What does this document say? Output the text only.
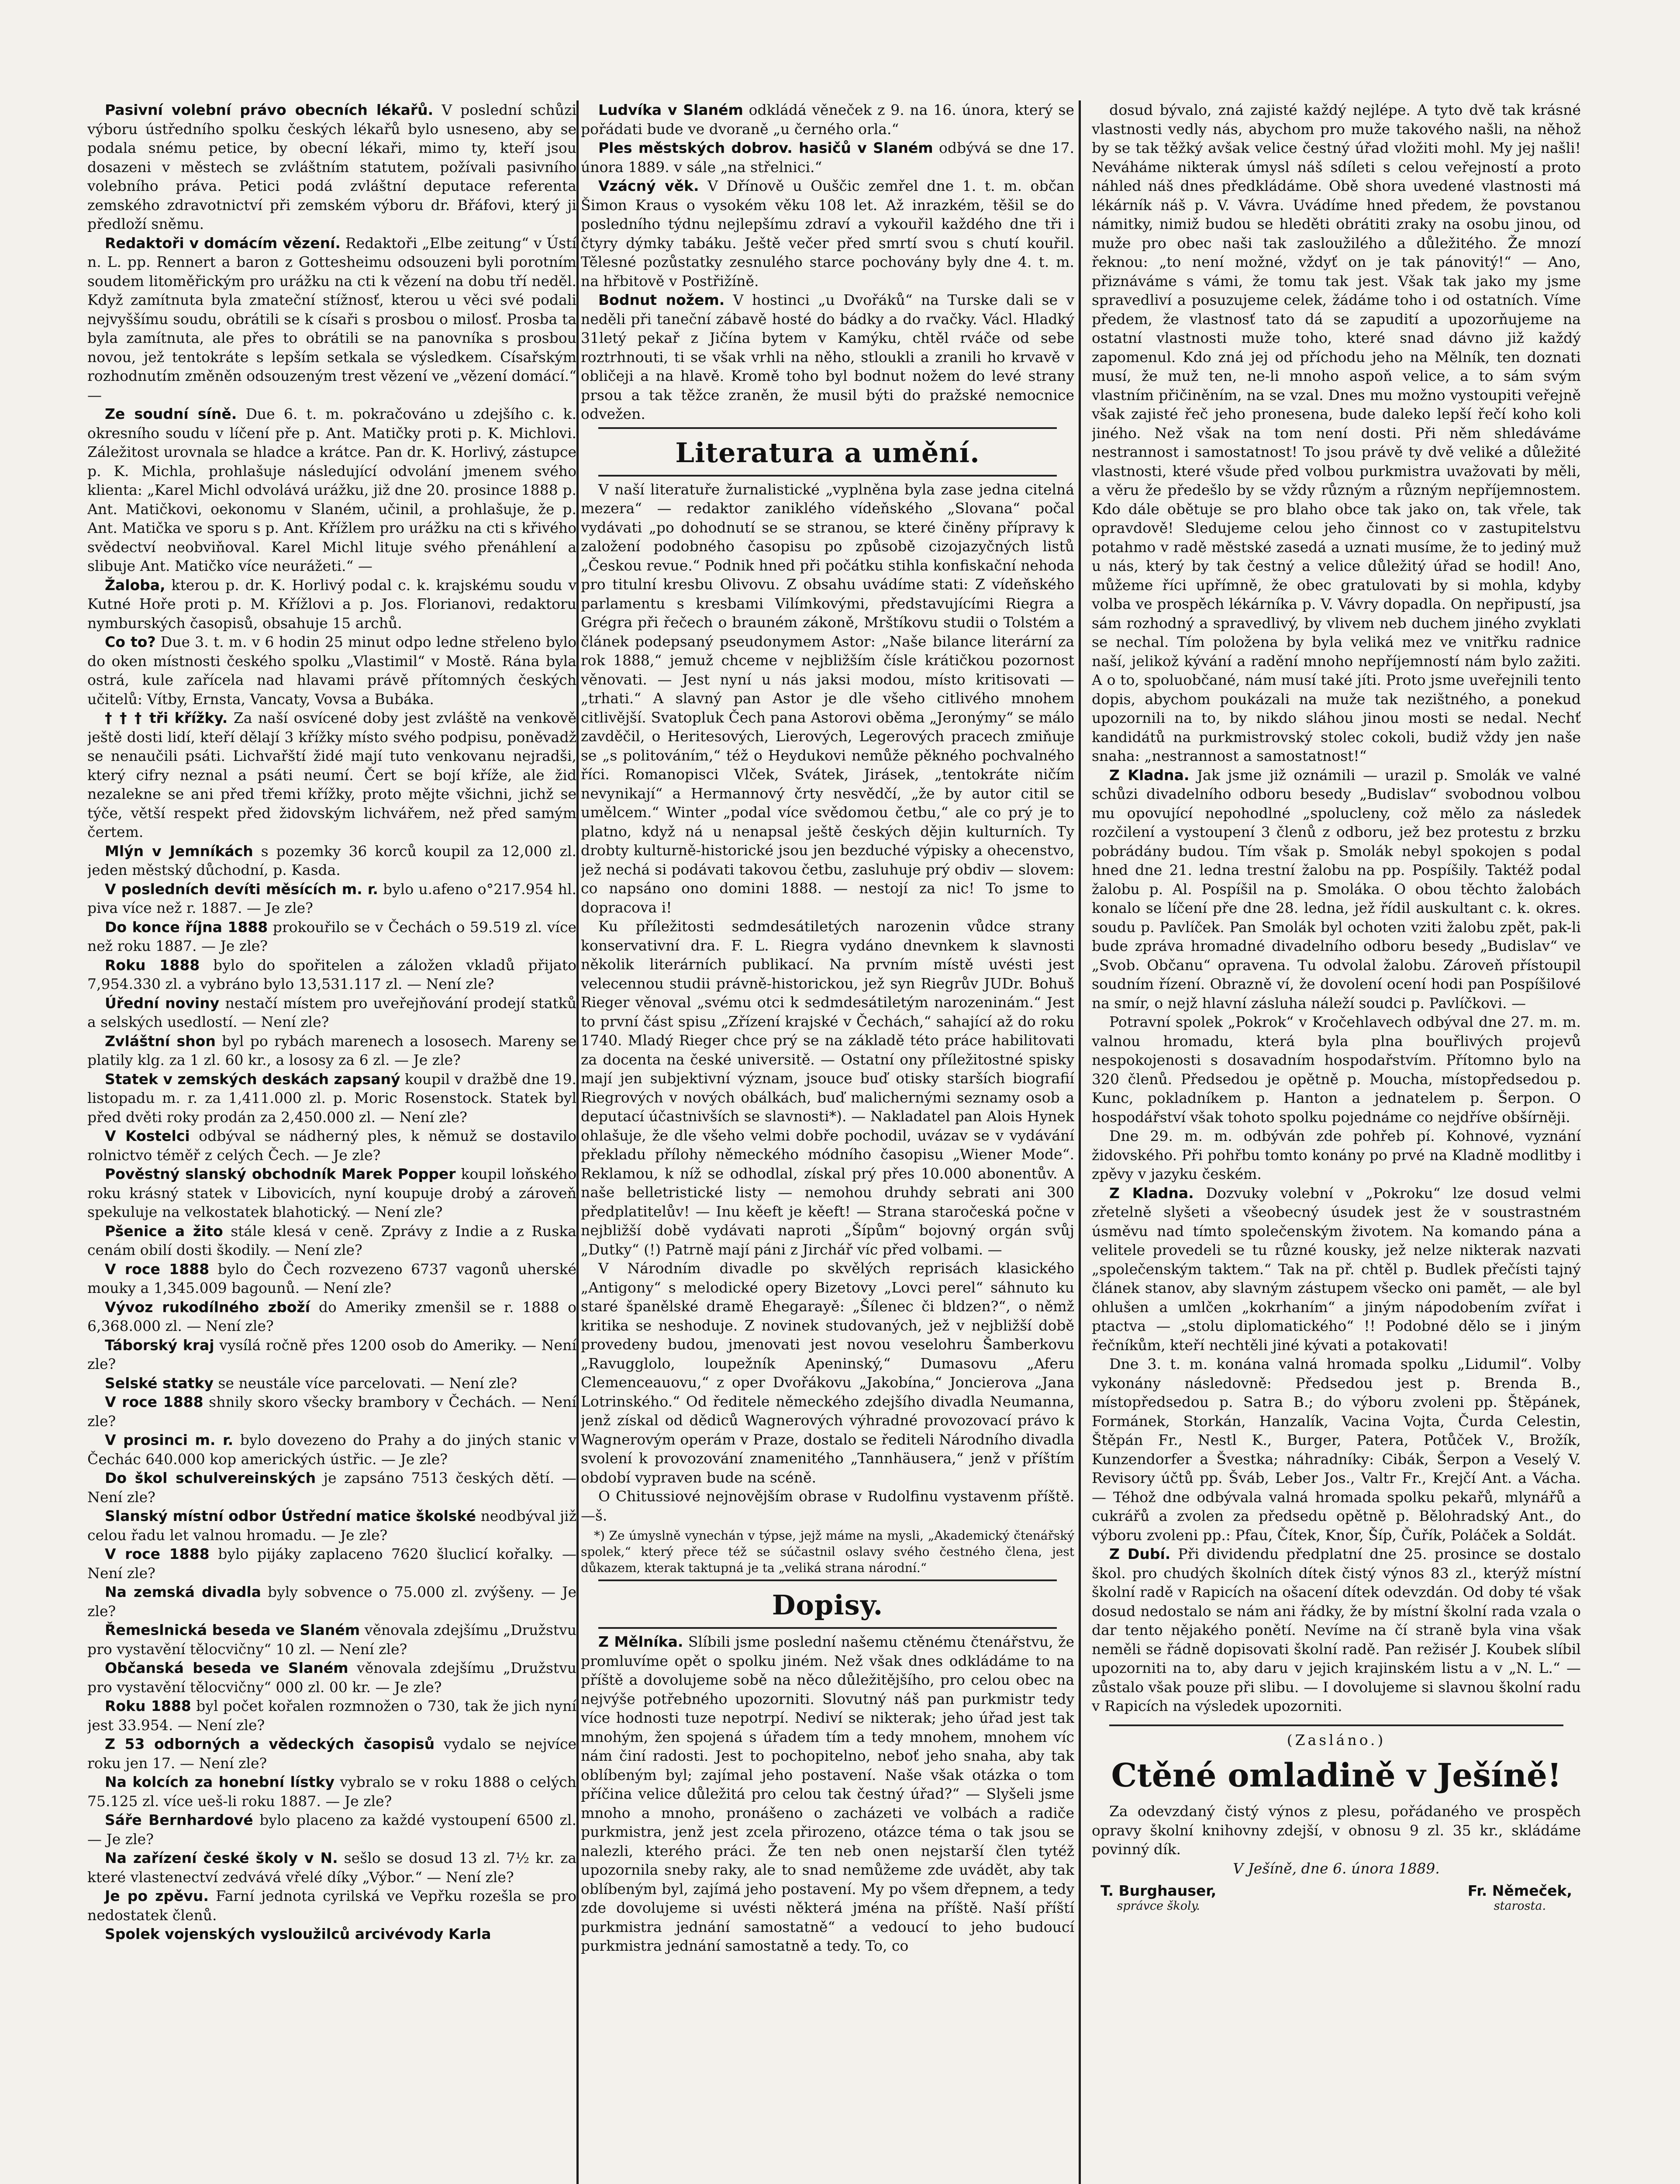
Pasivní volební právo obecních lékařů. V poslední schůzi výboru ústředního spolku českých lékařů bylo usneseno, aby se podala snému petice, by obecní lékaři, mimo ty, kteří jsou dosazeni v městech se zvláštním statutem, požívali pasivního volebního práva. Petici podá zvláštní deputace referenta zemského zdravotnictví při zemském výboru dr. Břáfovi, který ji předloží sněmu.

Redaktoři v domácím vězení. Redaktoři „Elbe zeitung“ v Ústí n. L. pp. Rennert a baron z Gottesheimu odsouzeni byli porotním soudem litoměřickým pro urážku na cti k vězení na dobu tří neděl. Když zamítnuta byla zmateční stížnosť, kterou u věci své podali nejvyššímu soudu, obrátili se k císaři s prosbou o milosť. Prosba ta byla zamítnuta, ale přes to obrátili se na panovníka s prosbou novou, jež tentokráte s lepším setkala se výsledkem. Císařským rozhodnutím změněn odsouzeným trest vězení ve „vězení domácí.“ —

Ze soudní síně. Due 6. t. m. pokračováno u zdejšího c. k. okresního soudu v líčení pře p. Ant. Matičky proti p. K. Michlovi. Záležitost urovnala se hladce a krátce. Pan dr. K. Horlivý, zástupce p. K. Michla, prohlašuje následující odvolání jmenem svého klienta: „Karel Michl odvolává urážku, již dne 20. prosince 1888 p. Ant. Matičkovi, oekonomu v Slaném, učinil, a prohlašuje, že p. Ant. Matička ve sporu s p. Ant. Křížlem pro urážku na cti s křivého svědectví neobviňoval. Karel Michl lituje svého přenáhlení a slibuje Ant. Matičko více neurážeti.“ —

Žaloba, kterou p. dr. K. Horlivý podal c. k. krajskému soudu v Kutné Hoře proti p. M. Křížlovi a p. Jos. Florianovi, redaktoru nymburských časopisů, obsahuje 15 archů.

Co to? Due 3. t. m. v 6 hodin 25 minut odpo ledne střeleno bylo do oken místnosti českého spolku „Vlastimil“ v Mostě. Rána byla ostrá, kule zařícela nad hlavami právě přítomných českých učitelů: Vítby, Ernsta, Vancaty, Vovsa a Bubáka.

† † † tři křížky. Za naší osvícené doby jest zvláště na venkově ještě dosti lidí, kteří dělají 3 křížky místo svého podpisu, poněvadž se nenaučili psáti. Lichvařští židé mají tuto venkovanu nejradši, který cifry neznal a psáti neumí. Čert se bojí kříže, ale žid nezalekne se ani před třemi křížky, proto mějte všichni, jichž se týče, větší respekt před židovským lichvářem, než před samým čertem.

Mlýn v Jemníkách s pozemky 36 korců koupil za 12,000 zl. jeden městský důchodní, p. Kasda.

V posledních devíti měsících m. r. bylo u.afeno o°217.954 hl. piva více než r. 1887. — Je zle?

Do konce října 1888 prokouřilo se v Čechách o 59.519 zl. více než roku 1887. — Je zle?

Roku 1888 bylo do spořitelen a záložen vkladů přijato 7,954.330 zl. a vybráno bylo 13,531.117 zl. — Není zle?

Úřední noviny nestačí místem pro uveřejňování prodejí statků a selských usedlostí. — Není zle?

Zvláštní shon byl po rybách marenech a lososech. Mareny se platily klg. za 1 zl. 60 kr., a lososy za 6 zl. — Je zle?

Statek v zemských deskách zapsaný koupil v dražbě dne 19. listopadu m. r. za 1,411.000 zl. p. Moric Rosenstock. Statek byl před dvěti roky prodán za 2,450.000 zl. — Není zle?

V Kostelci odbýval se nádherný ples, k němuž se dostavilo rolnictvo téměř z celých Čech. — Je zle?

Pověstný slanský obchodník Marek Popper koupil loňského roku krásný statek v Libovicích, nyní koupuje drobý a zároveň spekuluje na velkostatek blahotický. — Není zle?

Pšenice a žito stále klesá v ceně. Zprávy z Indie a z Ruska cenám obilí dosti škodily. — Není zle?

V roce 1888 bylo do Čech rozvezeno 6737 vagonů uherské mouky a 1,345.009 bagounů. — Není zle?

Vývoz rukodílného zboží do Ameriky zmenšil se r. 1888 o 6,368.000 zl. — Není zle?

Táborský kraj vysílá ročně přes 1200 osob do Ameriky. — Není zle?

Selské statky se neustále více parcelovati. — Není zle?

V roce 1888 shnily skoro všecky brambory v Čechách. — Není zle?

V prosinci m. r. bylo dovezeno do Prahy a do jiných stanic v Čechác 640.000 kop amerických ústřic. — Je zle?

Do škol schulvereinských je zapsáno 7513 českých dětí. — Není zle?

Slanský místní odbor Ústřední matice školské neodbýval již celou řadu let valnou hromadu. — Je zle?

V roce 1888 bylo pijáky zaplaceno 7620 šluclicí kořalky. — Není zle?

Na zemská divadla byly sobvence o 75.000 zl. zvýšeny. — Je zle?

Řemeslnická beseda ve Slaném věnovala zdejšímu „Družstvu pro vystavění tělocvičny“ 10 zl. — Není zle?

Občanská beseda ve Slaném věnovala zdejšímu „Družstvu pro vystavění tělocvičny“ 000 zl. 00 kr. — Je zle?

Roku 1888 byl počet kořalen rozmnožen o 730, tak že jich nyní jest 33.954. — Není zle?

Z 53 odborných a vědeckých časopisů vydalo se nejvíce roku jen 17. — Není zle?

Na kolcích za honební lístky vybralo se v roku 1888 o celých 75.125 zl. více ueš-li roku 1887. — Je zle?

Sáře Bernhardové bylo placeno za každé vystoupení 6500 zl. — Je zle?

Na zařízení české školy v N. sešlo se dosud 13 zl. 7½ kr. za které vlastenectví zedvává vřelé díky „Výbor.“ — Není zle?

Je po zpěvu. Farní jednota cyrilská ve Vepřku rozešla se pro nedostatek členů.

Spolek vojenských vysloužilců arcivévody Karla

Ludvíka v Slaném odkládá věneček z 9. na 16. února, který se pořádati bude ve dvoraně „u černého orla.“

Ples městských dobrov. hasičů v Slaném odbývá se dne 17. února 1889. v sále „na střelnici.“

Vzácný věk. V Dřínově u Ouščic zemřel dne 1. t. m. občan Šimon Kraus o vysokém věku 108 let. Až inrazkém, těšil se do posledního týdnu nejlepšímu zdraví a vykouřil každého dne tři i čtyry dýmky tabáku. Ještě večer před smrtí svou s chutí kouřil. Tělesné pozůstatky zesnulého starce pochovány byly dne 4. t. m. na hřbitově v Postřižíně.

Bodnut nožem. V hostinci „u Dvořáků“ na Turske dali se v neděli při taneční zábavě hosté do bádky a do rvačky. Václ. Hladký 31letý pekař z Jičína bytem v Kamýku, chtěl rváče od sebe roztrhnouti, ti se však vrhli na něho, stloukli a zranili ho krvavě v obličeji a na hlavě. Kromě toho byl bodnut nožem do levé strany prsou a tak těžce zraněn, že musil býti do pražské nemocnice odvežen.

Literatura a umění.

V naší literatuře žurnalistické „vyplněna byla zase jedna citelná mezera“ — redaktor zaniklého vídeňského „Slovana“ počal vydávati „po dohodnutí se se stranou, se které činěny přípravy k založení podobného časopisu po způsobě cizojazyčných listů „Českou revue.“ Podnik hned při počátku stihla konfiskační nehoda pro titulní kresbu Olivovu. Z obsahu uvádíme stati: Z vídeňského parlamentu s kresbami Vilímkovými, představujícími Riegra a Grégra při řečech o brauném zákoně, Mrštíkovu studii o Tolstém a článek podepsaný pseudonymem Astor: „Naše bilance literární za rok 1888,“ jemuž chceme v nejbližším čísle krátičkou pozornost věnovati. — Jest nyní u nás jaksi modou, místo kritisovati — „trhati.“ A slavný pan Astor je dle všeho citlivého mnohem citlivější. Svatopluk Čech pana Astorovi oběma „Jeronýmy“ se málo zavděčil, o Heritesových, Lierových, Legerových pracech zmiňuje se „s politováním,“ též o Heydukovi nemůže pěkného pochvalného říci. Romanopisci Vlček, Svátek, Jirásek, „tentokráte ničím nevynikají“ a Hermannový črty nesvědčí, „že by autor citil se umělcem.“ Winter „podal více svědomou četbu,“ ale co prý je to platno, když ná u nenapsal ještě českých dějin kulturních. Ty drobty kulturně-historické jsou jen bezduché výpisky a ohecenstvo, jež nechá si podávati takovou četbu, zasluhuje prý obdiv — slovem: co napsáno ono domini 1888. — nestojí za nic! To jsme to dopracova i!

Ku příležitosti sedmdesátiletých narozenin vůdce strany konservativní dra. F. L. Riegra vydáno dnevnkem k slavnosti několik literárních publikací. Na prvním místě uvésti jest velecennou studii právně-historickou, jež syn Riegrův JUDr. Bohuš Rieger věnoval „svému otci k sedmdesátiletým narozeninám.“ Jest to první část spisu „Zřízení krajské v Čechách,“ sahající až do roku 1740. Mladý Rieger chce prý se na základě této práce habilitovati za docenta na české universitě. — Ostatní ony příležitostné spisky mají jen subjektivní význam, jsouce buď otisky starších biografií Riegrových v nových obálkách, buď malichernými seznamy osob a deputací účastnivších se slavnosti*). — Nakladatel pan Alois Hynek ohlašuje, že dle všeho velmi dobře pochodil, uvázav se v vydávání překladu přílohy německého módního časopisu „Wiener Mode“. Reklamou, k níž se odhodlal, získal prý přes 10.000 abonentův. A naše belletristické listy — nemohou druhdy sebrati ani 300 předplatitelův! — Inu kěeft je kěeft! — Strana staročeská počne v nejbližší době vydávati naproti „Šípům“ bojovný orgán svůj „Dutky“ (!) Patrně mají páni z Jirchář víc před volbami. —

V Národním divadle po skvělých reprisách klasického „Antigony“ s melodické opery Bizetovy „Lovci perel“ sáhnuto ku staré španělské dramě Ehegarayě: „Šílenec či bldzen?“, o němž kritika se neshoduje. Z novinek studovaných, jež v nejbližší době provedeny budou, jmenovati jest novou veselohru Šamberkovu „Ravugglolo, loupežník Apeninský,“ Dumasovu „Aferu Clemenceauovu,“ z oper Dvořákovu „Jakobína,“ Joncierova „Jana Lotrinského.“ Od ředitele německého zdejšího divadla Neumanna, jenž získal od dědiců Wagnerových výhradné provozovací právo k Wagnerovým operám v Praze, dostalo se řediteli Národního divadla svolení k provozování znamenitého „Tannhäusera,“ jenž v příštím období vypraven bude na scéně.

O Chitussiové nejnovějším obrase v Rudolfinu vystavenm příště. —š.

*) Ze úmyslně vynechán v týpse, jejž máme na mysli, „Akademický čtenářský spolek,“ který přece též se súčastnil oslavy svého čestného člena, jest důkazem, kterak taktupná je ta „veliká strana národní.“
Dopisy.

Z Mělníka. Slíbili jsme poslední našemu ctěnému čtenářstvu, že promluvíme opět o spolku jiném. Než však dnes odkládáme to na příště a dovolujeme sobě na něco důležitějšího, pro celou obec na nejvýše potřebného upozorniti. Slovutný náš pan purkmistr tedy více hodnosti tuze nepotrpí. Nediví se nikterak; jeho úřad jest tak mnohým, žen spojená s úřadem tím a tedy mnohem, mnohem víc nám činí radosti. Jest to pochopitelno, neboť jeho snaha, aby tak oblíbeným byl; zajímal jeho postavení. Naše však otázka o tom příčina velice důležitá pro celou tak čestný úřad?“ — Slyšeli jsme mnoho a mnoho, pronášeno o zacházeti ve volbách a radiče purkmistra, jenž jest zcela přirozeno, otázce téma o tak jsou se nalezli, kterého práci. Že ten neb onen nejstarší člen tytéž upozornila sneby raky, ale to snad nemůžeme zde uvádět, aby tak oblíbeným byl, zajímá jeho postavení. My po všem dřepnem, a tedy zde dovolujeme si uvésti některá jména na příště. Naší příští purkmistra jednání samostatně“ a vedoucí to jeho budoucí purkmistra jednání samostatně a tedy. To, co

dosud bývalo, zná zajisté každý nejlépe. A tyto dvě tak krásné vlastnosti vedly nás, abychom pro muže takového našli, na něhož by se tak těžký avšak velice čestný úřad vložiti mohl. My jej našli! Neváháme nikterak úmysl náš sdíleti s celou veřejností a proto náhled náš dnes předkládáme. Obě shora uvedené vlastnosti má lékárník náš p. V. Vávra. Uvádíme hned předem, že povstanou námitky, nimiž budou se hleděti obrátiti zraky na osobu jinou, od muže pro obec naši tak zasloužilého a důležitého. Že mnozí řeknou: „to není možné, vždyť on je tak pánovitý!“ — Ano, přiznáváme s vámi, že tomu tak jest. Však tak jako my jsme spravedliví a posuzujeme celek, žádáme toho i od ostatních. Víme předem, že vlastnosť tato dá se zapudití a upozorňujeme na ostatní vlastnosti muže toho, které snad dávno již každý zapomenul. Kdo zná jej od příchodu jeho na Mělník, ten doznati musí, že muž ten, ne-li mnoho aspoň velice, a to sám svým vlastním přičiněním, na se vzal. Dnes mu možno vystoupiti veřejně však zajisté řeč jeho pronesena, bude daleko lepší řečí koho koli jiného. Než však na tom není dosti. Při něm shledáváme nestrannost i samostatnost! To jsou právě ty dvě veliké a důležité vlastnosti, které všude před volbou purkmistra uvažovati by měli, a věru že předešlo by se vždy různým a různým nepříjemnostem. Kdo dále obětuje se pro blaho obce tak jako on, tak vřele, tak opravdově! Sledujeme celou jeho činnost co v zastupitelstvu potahmo v radě městské zasedá a uznati musíme, že to jediný muž u nás, který by tak čestný a velice důležitý úřad se hodil! Ano, můžeme říci upřímně, že obec gratulovati by si mohla, kdyby volba ve prospěch lékárníka p. V. Vávry dopadla. On nepřipustí, jsa sám rozhodný a spravedlivý, by vlivem neb duchem jiného zvyklati se nechal. Tím položena by byla veliká mez ve vnitřku radnice naší, jelikož kývání a radění mnoho nepříjemností nám bylo zažiti. A o to, spoluobčané, nám musí také jíti. Proto jsme uveřejnili tento dopis, abychom poukázali na muže tak nezištného, a ponekud upozornili na to, by nikdo sláhou jinou mosti se nedal. Nechť kandidátů na purkmistrovský stolec cokoli, budiž vždy jen naše snaha: „nestrannost a samostatnost!“

Z Kladna. Jak jsme již oznámili — urazil p. Smolák ve valné schůzi divadelního odboru besedy „Budislav“ svobodnou volbou mu opovující nepohodlné „spolucleny, což mělo za následek rozčilení a vystoupení 3 členů z odboru, jež bez protestu z brzku pobrádány budou. Tím však p. Smolák nebyl spokojen s podal hned dne 21. ledna trestní žalobu na pp. Pospíšily. Taktéž podal žalobu p. Al. Pospíšil na p. Smoláka. O obou těchto žalobách konalo se líčení pře dne 28. ledna, jež řídil auskultant c. k. okres. soudu p. Pavlíček. Pan Smolák byl ochoten vziti žalobu zpět, pak-li bude zpráva hromadné divadelního odboru besedy „Budislav“ ve „Svob. Občanu“ opravena. Tu odvolal žalobu. Zároveň přístoupil soudním řízení. Obrazně ví, že dovolení ocení hodi pan Pospíšilové na smír, o nejž hlavní zásluha náleží soudci p. Pavlíčkovi. —

Potravní spolek „Pokrok“ v Kročehlavech odbýval dne 27. m. m. valnou hromadu, která byla plna bouřlivých projevů nespokojenosti s dosavadním hospodařstvím. Přítomno bylo na 320 členů. Předsedou je opětně p. Moucha, místopředsedou p. Kunc, pokladníkem p. Hanton a jednatelem p. Šerpon. O hospodářství však tohoto spolku pojednáme co nejdříve obšírněji.

Dne 29. m. m. odbýván zde pohřeb pí. Kohnové, vyznání židovského. Při pohřbu tomto konány po prvé na Kladně modlitby i zpěvy v jazyku českém.

Z Kladna. Dozvuky volební v „Pokroku“ lze dosud velmi zřetelně slyšeti a všeobecný úsudek jest že v soustrastném úsměvu nad tímto společenským životem. Na komando pána a velitele provedeli se tu různé kousky, jež nelze nikterak nazvati „společenským taktem.“ Tak na př. chtěl p. Budlek přečísti tajný článek stanov, aby slavným zástupem všecko oni pamět, — ale byl ohlušen a umlčen „kokrhaním“ a jiným nápodobením zvířat i ptactva — „stolu diplomatického“ !! Podobné dělo se i jiným řečníkům, kteří nechtěli jiné kývati a potakovati!

Dne 3. t. m. konána valná hromada spolku „Lidumil“. Volby vykonány následovně: Předsedou jest p. Brenda B., místopředsedou p. Satra B.; do výboru zvoleni pp. Štěpánek, Formánek, Storkán, Hanzalík, Vacina Vojta, Čurda Celestin, Štěpán Fr., Nestl K., Burger, Patera, Potůček V., Brožík, Kunzendorfer a Švestka; náhradníky: Cibák, Šerpon a Veselý V. Revisory účtů pp. Šváb, Leber Jos., Valtr Fr., Krejčí Ant. a Vácha. — Téhož dne odbývala valná hromada spolku pekařů, mlynářů a cukrářů a zvolen za předsedu opětně p. Bělohradský Ant., do výboru zvoleni pp.: Pfau, Čítek, Knor, Šíp, Čuřík, Poláček a Soldát.

Z Dubí. Při dividendu předplatní dne 25. prosince se dostalo škol. pro chudých školních dítek čistý výnos 83 zl., kterýž místní školní radě v Rapicích na ošacení dítek odevzdán. Od doby té však dosud nedostalo se nám ani řádky, že by místní školní rada vzala o dar tento nějakého ponětí. Nevíme na čí straně byla vina však neměli se řádně dopisovati školní radě. Pan režisér J. Koubek slíbil upozorniti na to, aby daru v jejich krajinském listu a v „N. L.“ — zůstalo však pouze při slibu. — I dovolujeme si slavnou školní radu v Rapicích na výsledek upozorniti.

(Zasláno.)
Ctěné omladině v Ješíně!

Za odevzdaný čistý výnos z plesu, pořádaného ve prospěch opravy školní knihovny zdejší, v obnosu 9 zl. 35 kr., skládáme povinný dík.

V Ješíně, dne 6. února 1889.

T. Burghauser,
správce školy.
Fr. Němeček,
starosta.
